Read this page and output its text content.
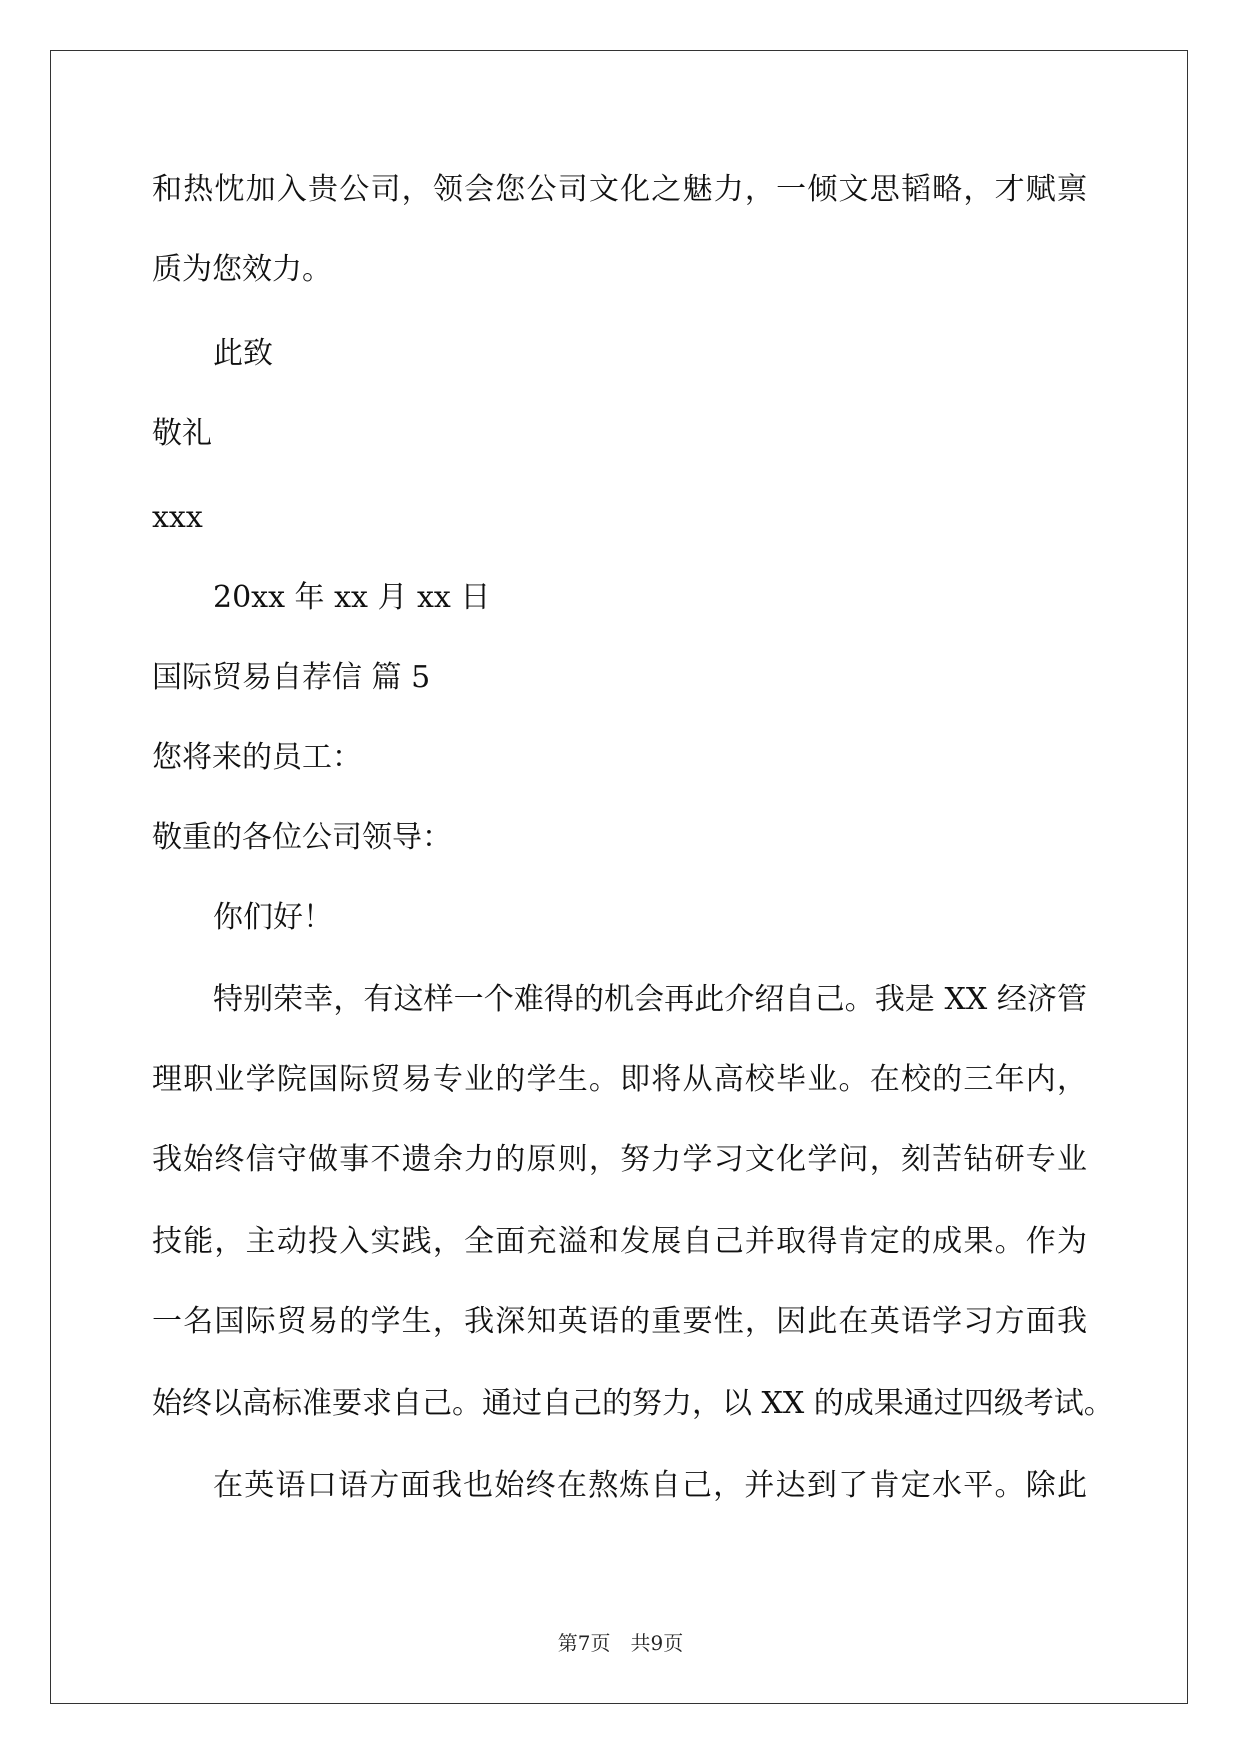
和热忱加入贵公司，领会您公司文化之魅力，一倾文思韬略，才赋禀
质为您效力。
此致
敬礼
xxx
20xx 年 xx 月 xx 日
国际贸易自荐信 篇 5
您将来的员工：
敬重的各位公司领导：
你们好！
特别荣幸，有这样一个难得的机会再此介绍自己。我是 XX 经济管
理职业学院国际贸易专业的学生。即将从高校毕业。在校的三年内，
我始终信守做事不遗余力的原则，努力学习文化学问，刻苦钻研专业
技能，主动投入实践，全面充溢和发展自己并取得肯定的成果。作为
一名国际贸易的学生，我深知英语的重要性，因此在英语学习方面我
始终以高标准要求自己。通过自己的努力，以 XX 的成果通过四级考试。
在英语口语方面我也始终在熬炼自己，并达到了肯定水平。除此
第7页 共9页
